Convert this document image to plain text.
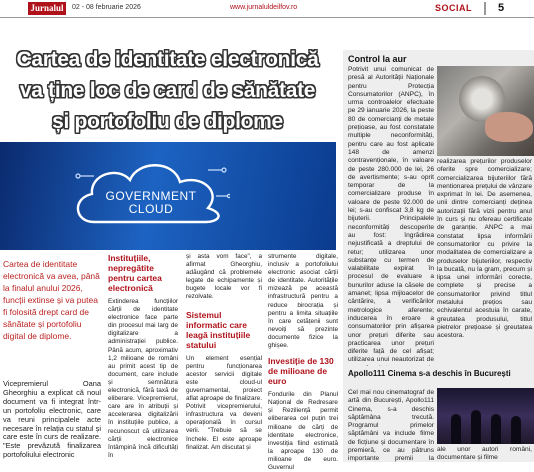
Jurnalul	02 - 08 februarie 2026	www.jurnaluldeilfov.ro	SOCIAL 5
Cartea de identitate electronică
va ține loc de card de sănătate
și portofoliu de diplome
GOVERNMENT
CLOUD
Cartea de identitate electronică va avea, până la finalul anului 2026, funcții extinse și va putea fi folosită drept card de sănătate și portofoliu digital de diplome.
Vicepremierul Oana Gheorghiu a explicat că noul document va fi integrat într-un portofoliu electronic, care va reuni principalele acte necesare în relația cu statul și care este în curs de realizare. "Este prevăzută finalizarea portofoliului electronic
Instituțiile, nepregătite pentru cartea electronică
Extinderea funcțiilor cărții de identitate electronice face parte din procesul mai larg de digitalizare a administrației publice. Până acum, aproximativ 1,2 milioane de români au primit acest tip de document, care include și semnătura electronică, fără taxă de eliberare. Vicepremierul, care are în atribuții și accelerarea digitalizării în instituțiile publice, a recunoscut că utilizarea cărții electronice întâmpină încă dificultăți în
și asta vom face", a afirmat Gheorghiu, adăugând că problemele legate de echipamente și bugete locale vor fi rezolvate.
Sistemul informatic care leagă instituțiile statului
Un element esențial pentru funcționarea acestor servicii digitale este cloud-ul guvernamental, proiect aflat aproape de finalizare. Potrivit vicepremierului, infrastructura va deveni operațională în cursul verii. "Trebuie să se închele. El este aproape finalizat. Am discutat și
strumente digitale, inclusiv a portofoliului electronic asociat cărții de identitate. Autoritățile mizează pe această infrastructură pentru a reduce birocrația și pentru a limita situațiile în care cetățenii sunt nevoiți să prezinte documente fizice la ghișee.
Investiție de 130 de milioane de euro
Fondurile din Planul Național de Redresare și Reziliență permit eliberarea cel puțin trei milioane de cărți de identitate electronice, investiția fiind estimată la aproape 130 de milioane de euro. Guvernul
Control la aur
Potrivit unui comunicat de presă al Autorității Naționale pentru Protecția Consumatorilor (ANPC), în urma controalelor efectuate pe 29 ianuarie 2026, la peste 80 de comercianți de metale prețioase, au fost constatate multiple neconformități, pentru care au fost aplicate 148 de amenzi contravenționale, în valoare de peste 280.000 de lei, 26 de avertismente; s-au oprit temporar de la comercializare produse în valoare de peste 92.000 de lei; s-au confiscat 3,8 kg de bijuterii. Principalele neconformități descoperite au fost: îngrădirea nejustificată a dreptului de retur; utilizarea unor substanțe cu termen de valabilitate expirat în procesul de evaluare a bunurilor aduse la căsele de amanet; lipsa mijloacelor de cântărire, a verificărilor metrologice aferente; inducerea în eroare a consumatorilor prin afișarea unor prețuri diferite sau practicarea unor prețuri diferite față de cel afișat; utilizarea unui neautorizat de
realizarea prețurilor produselor oferite spre comercializare; comercializarea bijuteriilor fără mentionarea prețului de vânzare exprimat în lei. De asemenea, unii dintre comercianți deținea autorizații fără vizii pentru anul în curs și nu ofereau certificate de garanție. ANPC a mai constatat lipsa informării consumatorilor cu privire la modalitatea de comercializare a produselor bijuteriilor, respectiv la bucată, nu la gram, precum și lipsa unei informări corecte, complete și precise a consumatorilor privind titlul metalului prețios sau echivalentul acestuia în carate, greutatea produsului, titlul pietrelor prețioase și greutatea acestora.
Apollo111 Cinema s-a deschis în București
Cel mai nou cinematograf de artă din București, Apollo111 Cinema, s-a deschis săptămâna trecută. Programul primelor săptămâni va include filme de ficțiune și documentare în premieră, ce au pătruns importante premii la
ale unor autori români, documentare și filme
